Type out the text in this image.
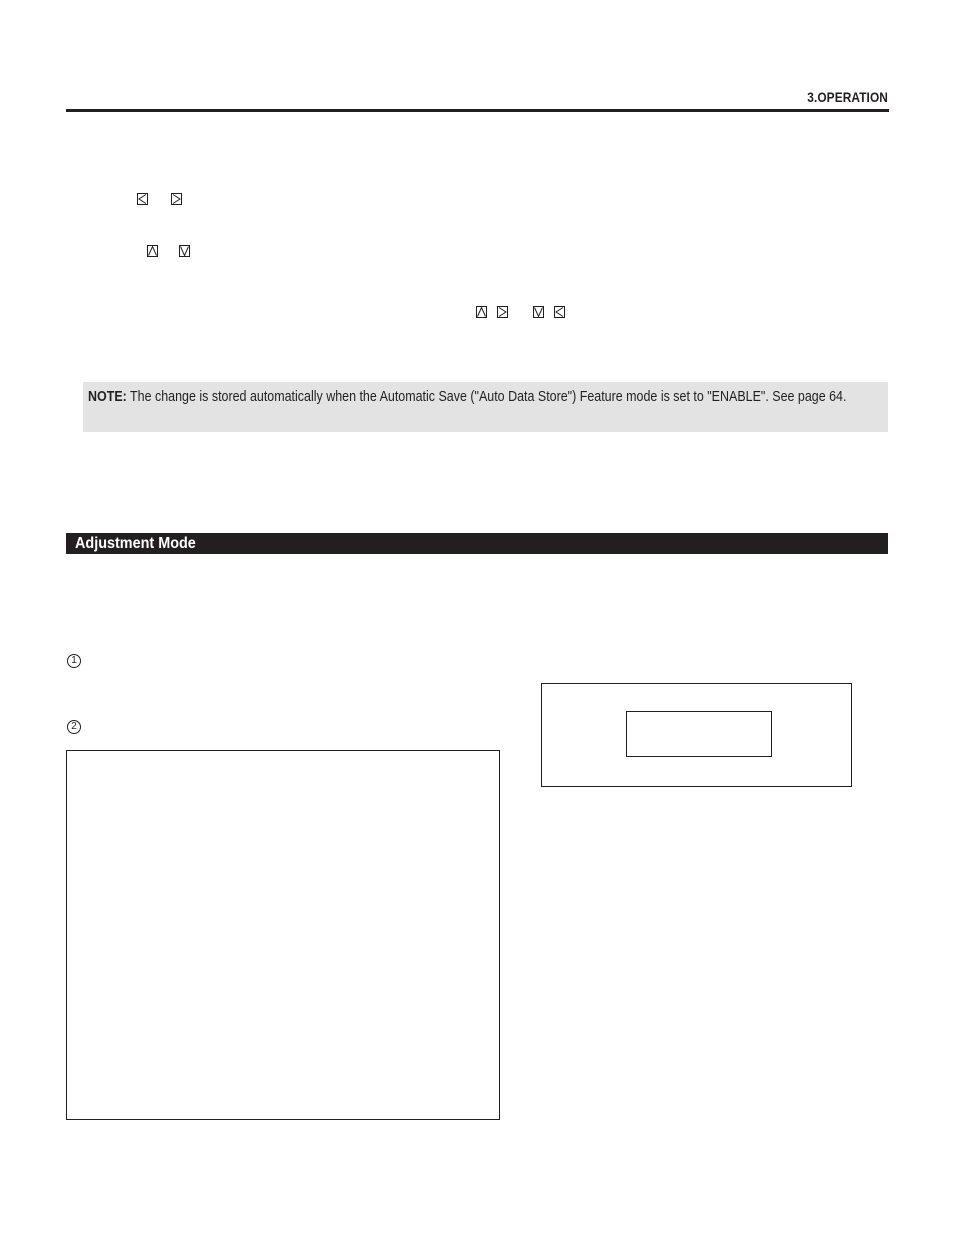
3.OPERATION
NOTE: The change is stored automatically when the Automatic Save ("Auto Data Store") Feature mode is set to "ENABLE". See page 64.
Adjustment Mode
1
2
